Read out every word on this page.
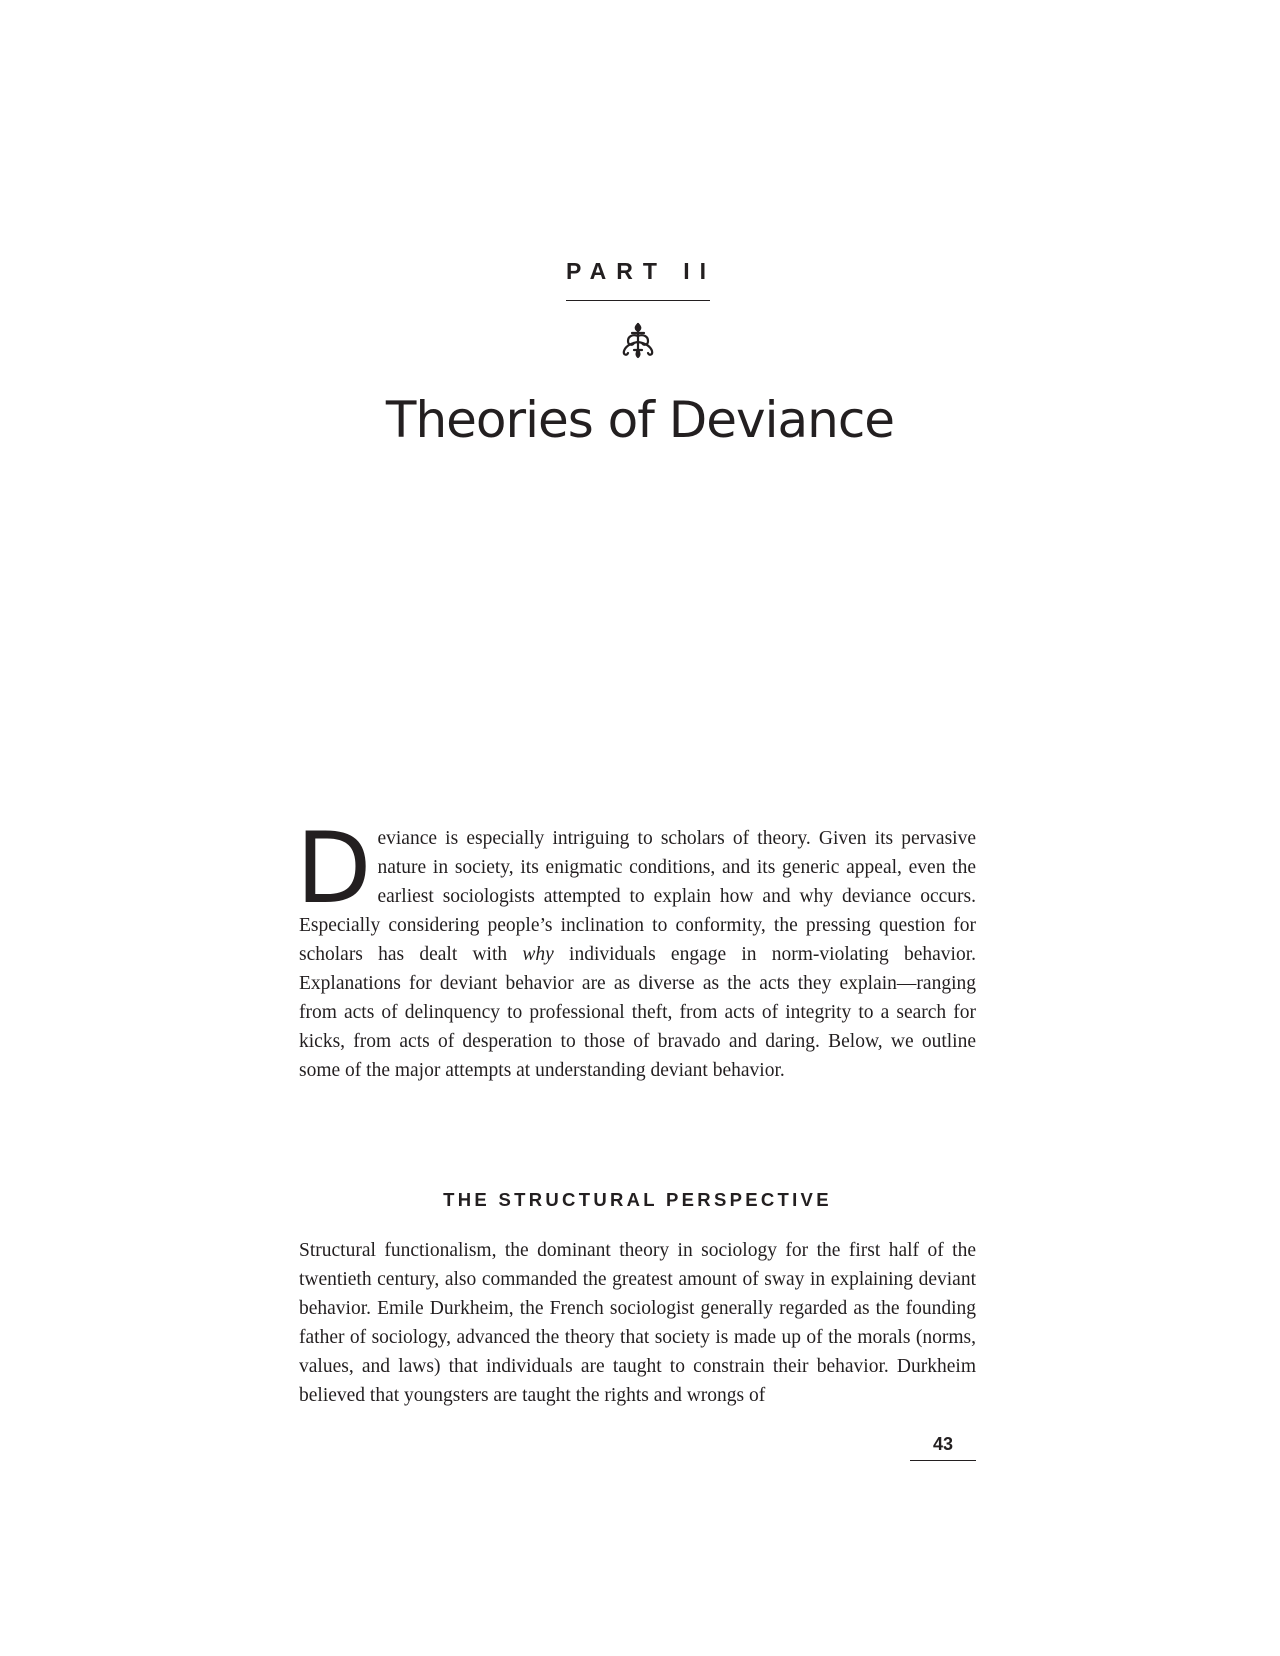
PART II
Theories of Deviance

Deviance is especially intriguing to scholars of theory. Given its pervasive nature in society, its enigmatic conditions, and its generic appeal, even the earliest sociologists attempted to explain how and why deviance occurs. Especially considering people’s inclination to conformity, the pressing question for scholars has dealt with why individuals engage in norm-violating behavior. Explanations for deviant behavior are as diverse as the acts they explain—ranging from acts of delinquency to professional theft, from acts of integrity to a search for kicks, from acts of desperation to those of bravado and daring. Below, we outline some of the major attempts at understanding deviant behavior.

THE STRUCTURAL PERSPECTIVE

Structural functionalism, the dominant theory in sociology for the first half of the twentieth century, also commanded the greatest amount of sway in explaining deviant behavior. Emile Durkheim, the French sociologist generally regarded as the founding father of sociology, advanced the theory that society is made up of the morals (norms, values, and laws) that individuals are taught to constrain their behavior. Durkheim believed that youngsters are taught the rights and wrongs of

43
